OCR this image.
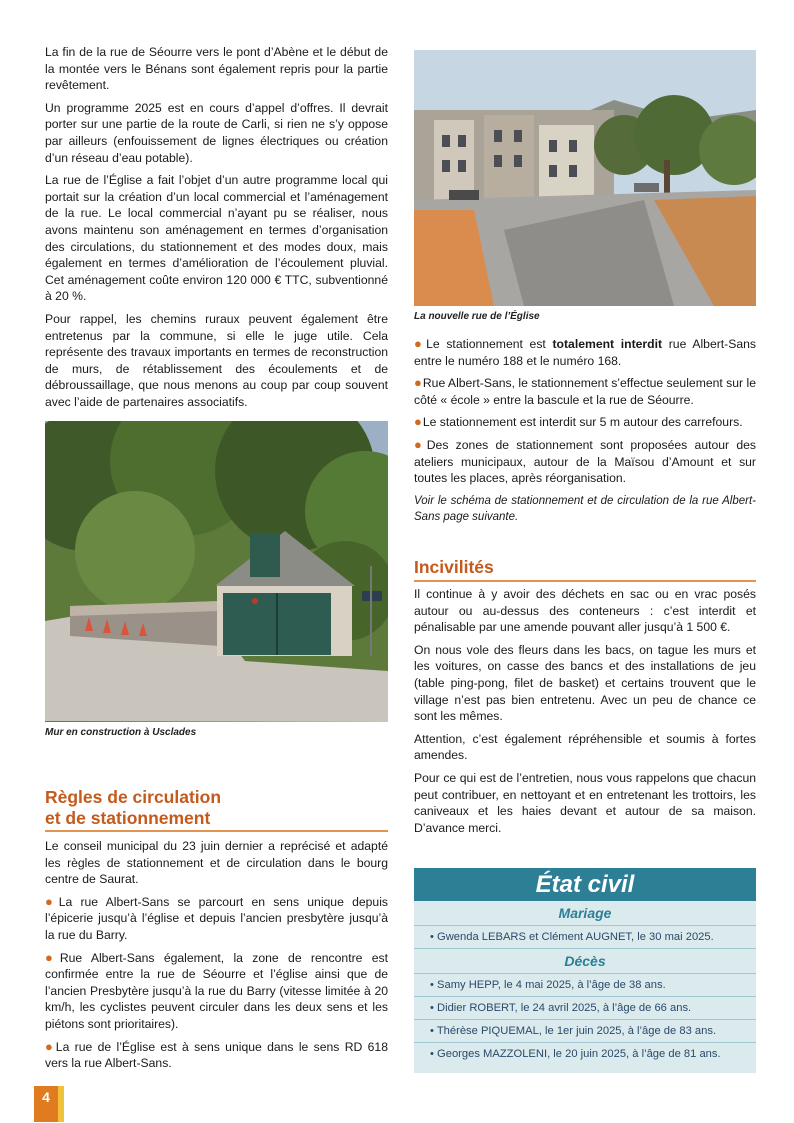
La fin de la rue de Séourre vers le pont d’Abène et le début de la montée vers le Bénans sont également repris pour la partie revêtement.

Un programme 2025 est en cours d’appel d’offres. Il devrait porter sur une partie de la route de Carli, si rien ne s’y oppose par ailleurs (enfouissement de lignes électriques ou création d’un réseau d’eau potable).

La rue de l’Église a fait l’objet d’un autre programme local qui portait sur la création d’un local commercial et l’aménagement de la rue. Le local commercial n’ayant pu se réaliser, nous avons maintenu son aménagement en termes d’organisation des circulations, du stationnement et des modes doux, mais également en termes d’amélioration de l’écoulement pluvial. Cet aménagement coûte environ 120 000 € TTC, subventionné à 20 %.

Pour rappel, les chemins ruraux peuvent également être entretenus par la commune, si elle le juge utile. Cela représente des travaux importants en termes de reconstruction de murs, de rétablissement des écoulements et de débroussaillage, que nous menons au coup par coup souvent avec l’aide de partenaires associatifs.

Mur en construction à Usclades
Règles de circulation
et de stationnement

Le conseil municipal du 23 juin dernier a reprécisé et adapté les règles de stationnement et de circulation dans le bourg centre de Saurat.

●La rue Albert-Sans se parcourt en sens unique depuis l’épicerie jusqu’à l’église et depuis l’ancien presbytère jusqu’à la rue du Barry.

●Rue Albert-Sans également, la zone de rencontre est confirmée entre la rue de Séourre et l’église ainsi que de l’ancien Presbytère jusqu’à la rue du Barry (vitesse limitée à 20 km/h, les cyclistes peuvent circuler dans les deux sens et les piétons sont prioritaires).

●La rue de l’Église est à sens unique dans le sens RD 618 vers la rue Albert-Sans.

La nouvelle rue de l’Église

●Le stationnement est totalement interdit rue Albert-Sans entre le numéro 188 et le numéro 168.

●Rue Albert-Sans, le stationnement s’effectue seulement sur le côté « école » entre la bascule et la rue de Séourre.

●Le stationnement est interdit sur 5 m autour des carrefours.

●Des zones de stationnement sont proposées autour des ateliers municipaux, autour de la Maïsou d’Amount et sur toutes les places, après réorganisation.

Voir le schéma de stationnement et de circulation de la rue Albert-Sans page suivante.

Incivilités

Il continue à y avoir des déchets en sac ou en vrac posés autour ou au-dessus des conteneurs : c’est interdit et pénalisable par une amende pouvant aller jusqu’à 1 500 €.

On nous vole des fleurs dans les bacs, on tague les murs et les voitures, on casse des bancs et des installations de jeu (table ping-pong, filet de basket) et certains trouvent que le village n’est pas bien entretenu. Avec un peu de chance ce sont les mêmes.

Attention, c’est également répréhensible et soumis à fortes amendes.

Pour ce qui est de l’entretien, nous vous rappelons que chacun peut contribuer, en nettoyant et en entretenant les trottoirs, les caniveaux et les haies devant et autour de sa maison. D’avance merci.

État civil
Mariage
• Gwenda LEBARS et Clément AUGNET, le 30 mai 2025.
Décès
• Samy HEPP, le 4 mai 2025, à l’âge de 38 ans.
• Didier ROBERT, le 24 avril 2025, à l’âge de 66 ans.
• Thérèse PIQUEMAL, le 1er juin 2025, à l’âge de 83 ans.
• Georges MAZZOLENI, le 20 juin 2025, à l’âge de 81 ans.
4
